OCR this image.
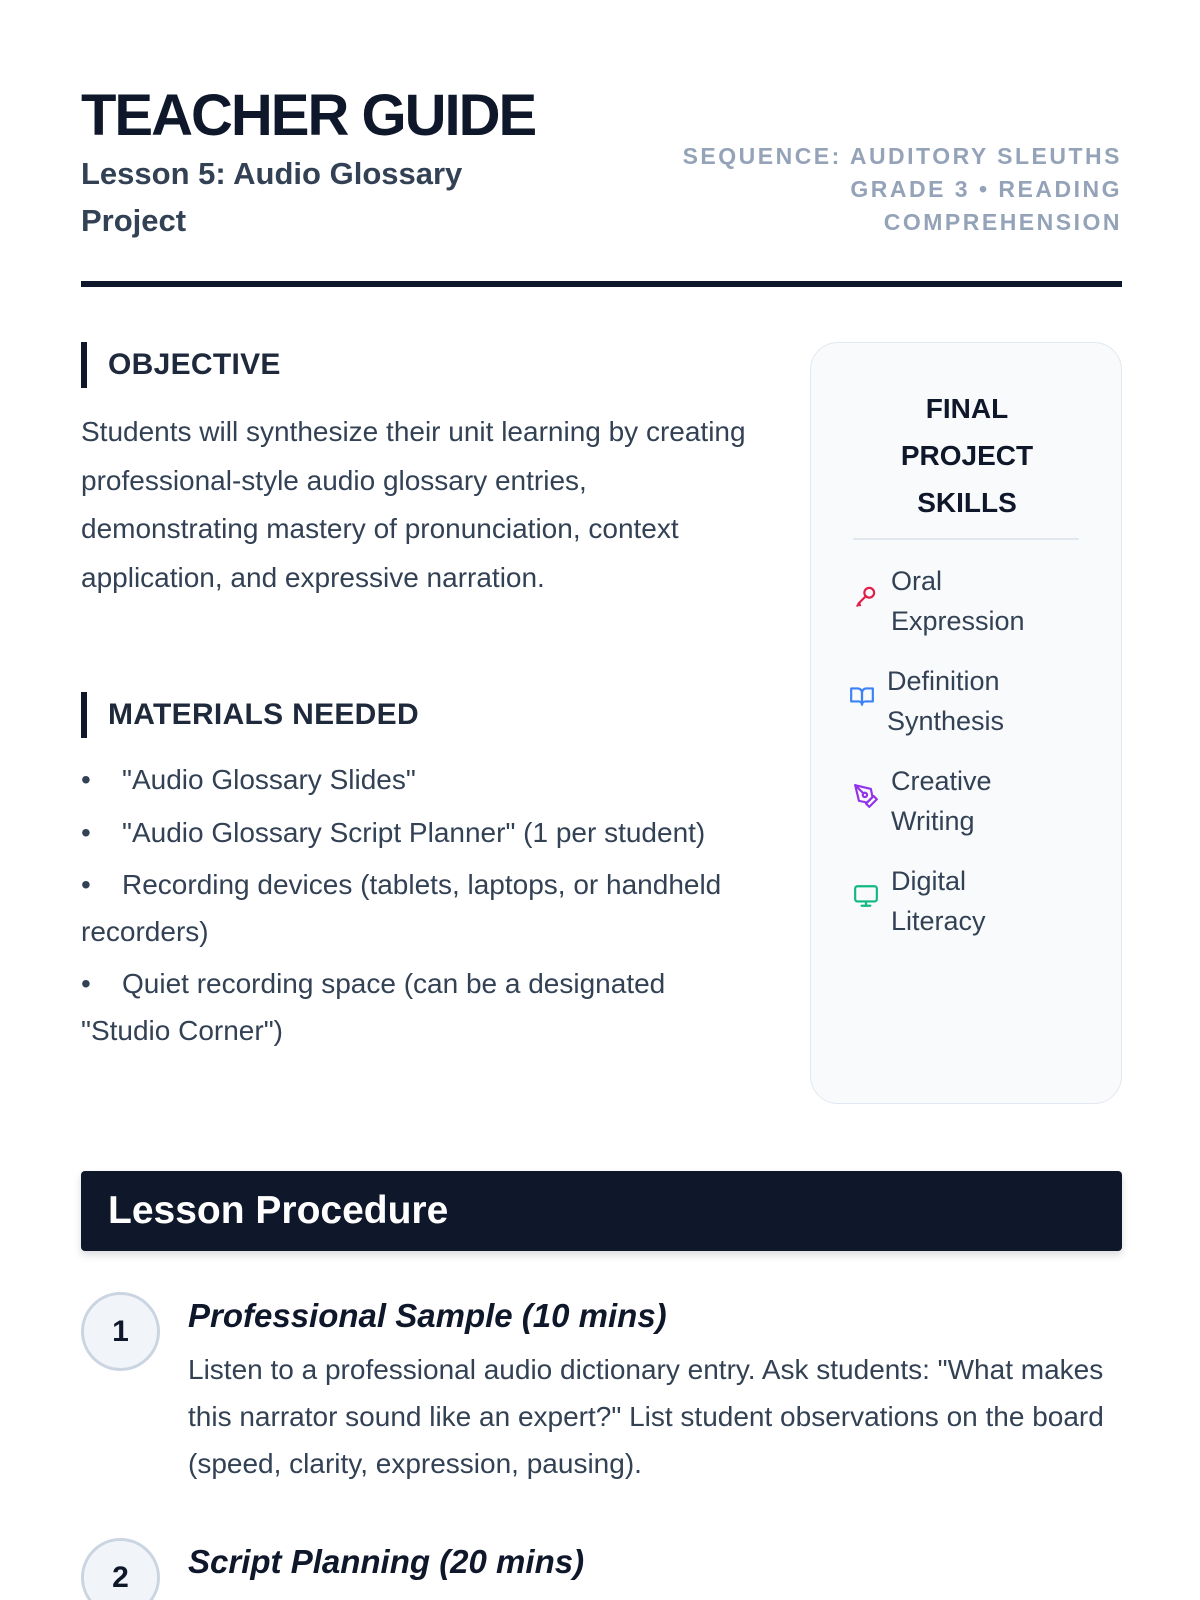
TEACHER GUIDE
Lesson 5: Audio Glossary Project
SEQUENCE: AUDITORY SLEUTHS
GRADE 3 • READING
COMPREHENSION
OBJECTIVE
Students will synthesize their unit learning by creating professional-style audio glossary entries, demonstrating mastery of pronunciation, context application, and expressive narration.
MATERIALS NEEDED
• "Audio Glossary Slides"
• "Audio Glossary Script Planner" (1 per student)
• Recording devices (tablets, laptops, or handheld recorders)
• Quiet recording space (can be a designated "Studio Corner")
FINAL
PROJECT
SKILLS
Oral
Expression
Definition
Synthesis
Creative
Writing
Digital
Literacy
Lesson Procedure
1	Professional Sample (10 mins)
Listen to a professional audio dictionary entry. Ask students: "What makes this narrator sound like an expert?" List student observations on the board (speed, clarity, expression, pausing).
2	Script Planning (20 mins)
